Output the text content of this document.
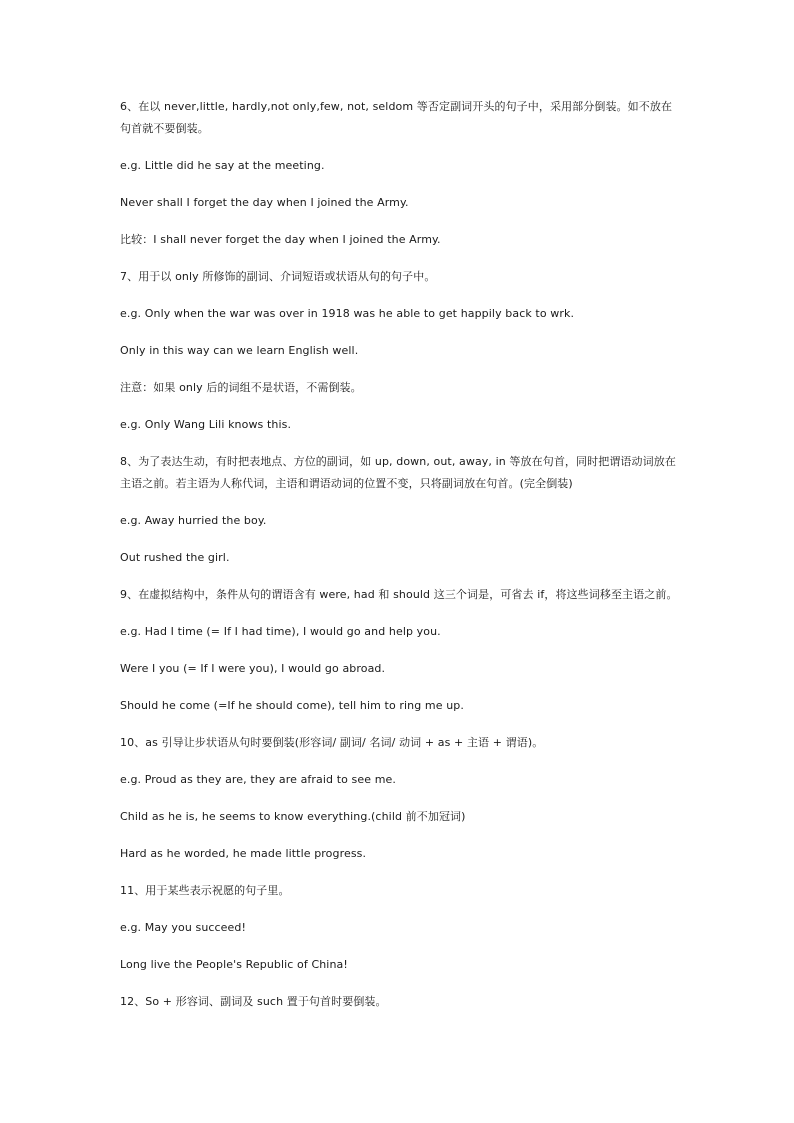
6、在以 never,little, hardly,not only,few, not, seldom 等否定副词开头的句子中，采用部分倒装。如不放在句首就不要倒装。

e.g. Little did he say at the meeting.

Never shall I forget the day when I joined the Army.

比较：I shall never forget the day when I joined the Army.

7、用于以 only 所修饰的副词、介词短语或状语从句的句子中。

e.g. Only when the war was over in 1918 was he able to get happily back to wrk.

Only in this way can we learn English well.

注意：如果 only 后的词组不是状语，不需倒装。

e.g. Only Wang Lili knows this.

8、为了表达生动，有时把表地点、方位的副词，如 up, down, out, away, in 等放在句首，同时把谓语动词放在主语之前。若主语为人称代词，主语和谓语动词的位置不变，只将副词放在句首。(完全倒装)

e.g. Away hurried the boy.

Out rushed the girl.

9、在虚拟结构中，条件从句的谓语含有 were, had 和 should 这三个词是，可省去 if，将这些词移至主语之前。

e.g. Had I time (= If I had time), I would go and help you.

Were I you (= If I were you), I would go abroad.

Should he come (=If he should come), tell him to ring me up.

10、as 引导让步状语从句时要倒装(形容词/ 副词/ 名词/ 动词 + as + 主语 + 谓语)。

e.g. Proud as they are, they are afraid to see me.

Child as he is, he seems to know everything.(child 前不加冠词)

Hard as he worded, he made little progress.

11、用于某些表示祝愿的句子里。

e.g. May you succeed!

Long live the People's Republic of China!

12、So + 形容词、副词及 such 置于句首时要倒装。
